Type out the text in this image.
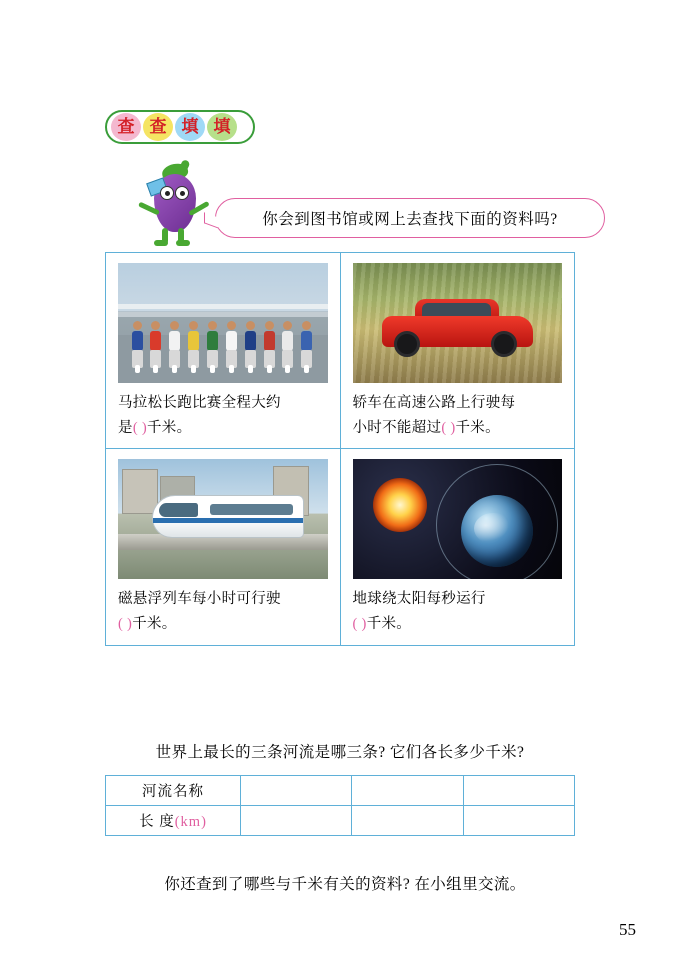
查 查 填 填
你会到图书馆或网上去查找下面的资料吗?
马拉松长跑比赛全程大约
是( )千米。

轿车在高速公路上行驶每
小时不能超过( )千米。

磁悬浮列车每小时可行驶
( )千米。

地球绕太阳每秒运行
( )千米。
世界上最长的三条河流是哪三条? 它们各长多少千米?
河流名称			
长 度(km)			
你还查到了哪些与千米有关的资料? 在小组里交流。
55
